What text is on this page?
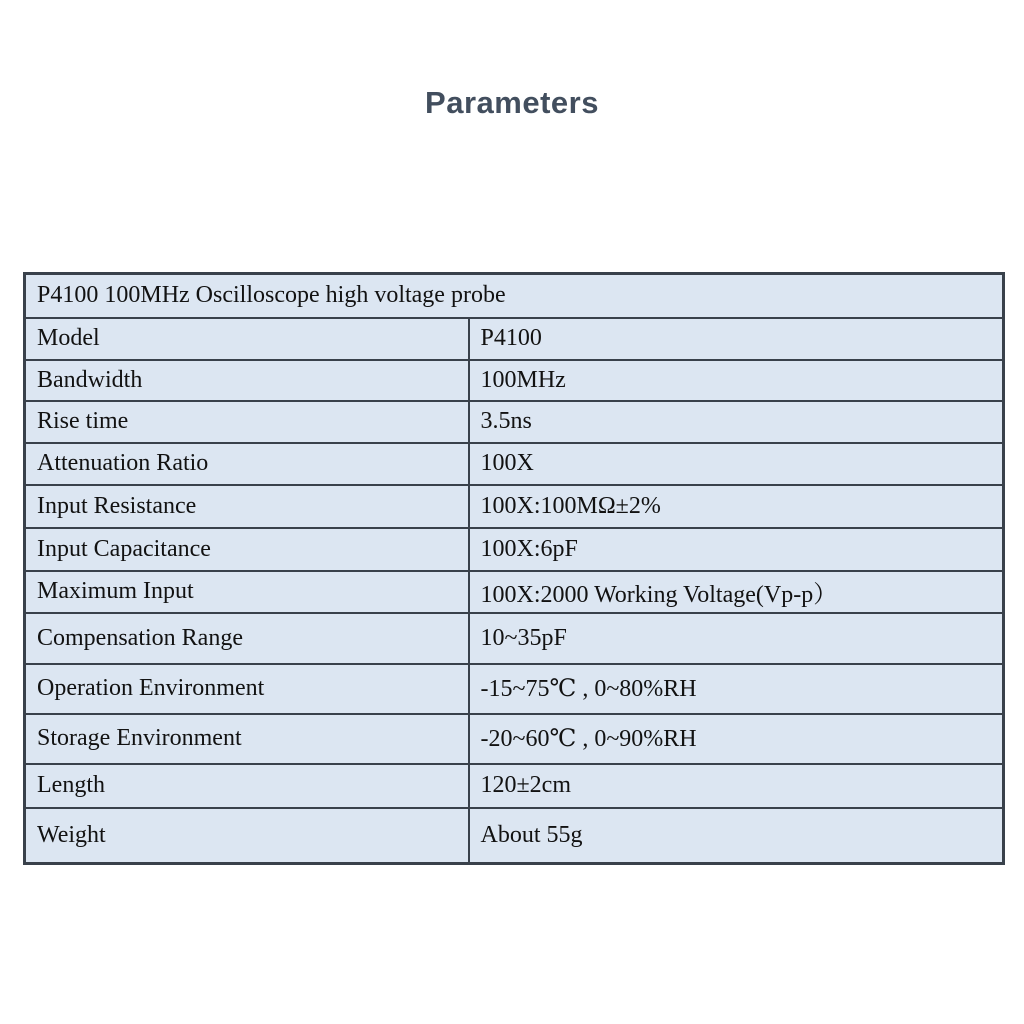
Parameters
P4100 100MHz Oscilloscope high voltage probe	
Model	P4100
Bandwidth	100MHz
Rise time	3.5ns
Attenuation Ratio	100X
Input Resistance	100X:100MΩ±2%
Input Capacitance	100X:6pF
Maximum Input	100X:2000 Working Voltage(Vp-p）
Compensation Range	10~35pF
Operation Environment	-15~75℃ , 0~80%RH
Storage Environment	-20~60℃ , 0~90%RH
Length	120±2cm
Weight	About 55g
